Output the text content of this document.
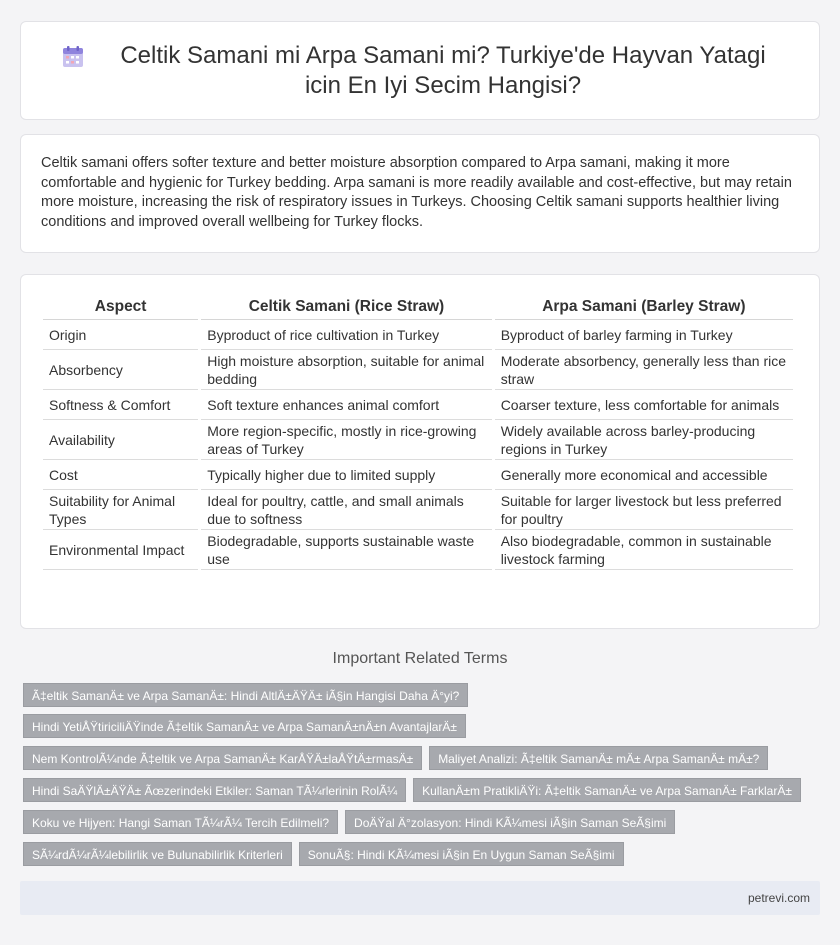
Celtik Samani mi Arpa Samani mi? Turkiye'de Hayvan Yatagi icin En Iyi Secim Hangisi?

Celtik samani offers softer texture and better moisture absorption compared to Arpa samani, making it more comfortable and hygienic for Turkey bedding. Arpa samani is more readily available and cost-effective, but may retain more moisture, increasing the risk of respiratory issues in Turkeys. Choosing Celtik samani supports healthier living conditions and improved overall wellbeing for Turkey flocks.

Aspect	Celtik Samani (Rice Straw)	Arpa Samani (Barley Straw)
Origin	Byproduct of rice cultivation in Turkey	Byproduct of barley farming in Turkey
Absorbency	High moisture absorption, suitable for animal bedding	Moderate absorbency, generally less than rice straw
Softness & Comfort	Soft texture enhances animal comfort	Coarser texture, less comfortable for animals
Availability	More region-specific, mostly in rice-growing areas of Turkey	Widely available across barley-producing regions in Turkey
Cost	Typically higher due to limited supply	Generally more economical and accessible
Suitability for Animal Types	Ideal for poultry, cattle, and small animals due to softness	Suitable for larger livestock but less preferred for poultry
Environmental Impact	Biodegradable, supports sustainable waste use	Also biodegradable, common in sustainable livestock farming
Important Related Terms
Ã‡eltik SamanÄ± ve Arpa SamanÄ±: Hindi AltlÄ±ÄŸÄ± iÃ§in Hangisi Daha Ä°yi?
Hindi YetiÅŸtiriciliÄŸinde Ã‡eltik SamanÄ± ve Arpa SamanÄ±nÄ±n AvantajlarÄ±
Nem KontrolÃ¼nde Ã‡eltik ve Arpa SamanÄ± KarÅŸÄ±laÅŸtÄ±rmasÄ±	Maliyet Analizi: Ã‡eltik SamanÄ± mÄ± Arpa SamanÄ± mÄ±?
Hindi SaÄŸlÄ±ÄŸÄ± Ãœzerindeki Etkiler: Saman TÃ¼rlerinin RolÃ¼	KullanÄ±m PratikliÄŸi: Ã‡eltik SamanÄ± ve Arpa SamanÄ± FarklarÄ±
Koku ve Hijyen: Hangi Saman TÃ¼rÃ¼ Tercih Edilmeli?	DoÄŸal Ä°zolasyon: Hindi KÃ¼mesi iÃ§in Saman SeÃ§imi
SÃ¼rdÃ¼rÃ¼lebilirlik ve Bulunabilirlik Kriterleri	SonuÃ§: Hindi KÃ¼mesi iÃ§in En Uygun Saman SeÃ§imi
petrevi.com
